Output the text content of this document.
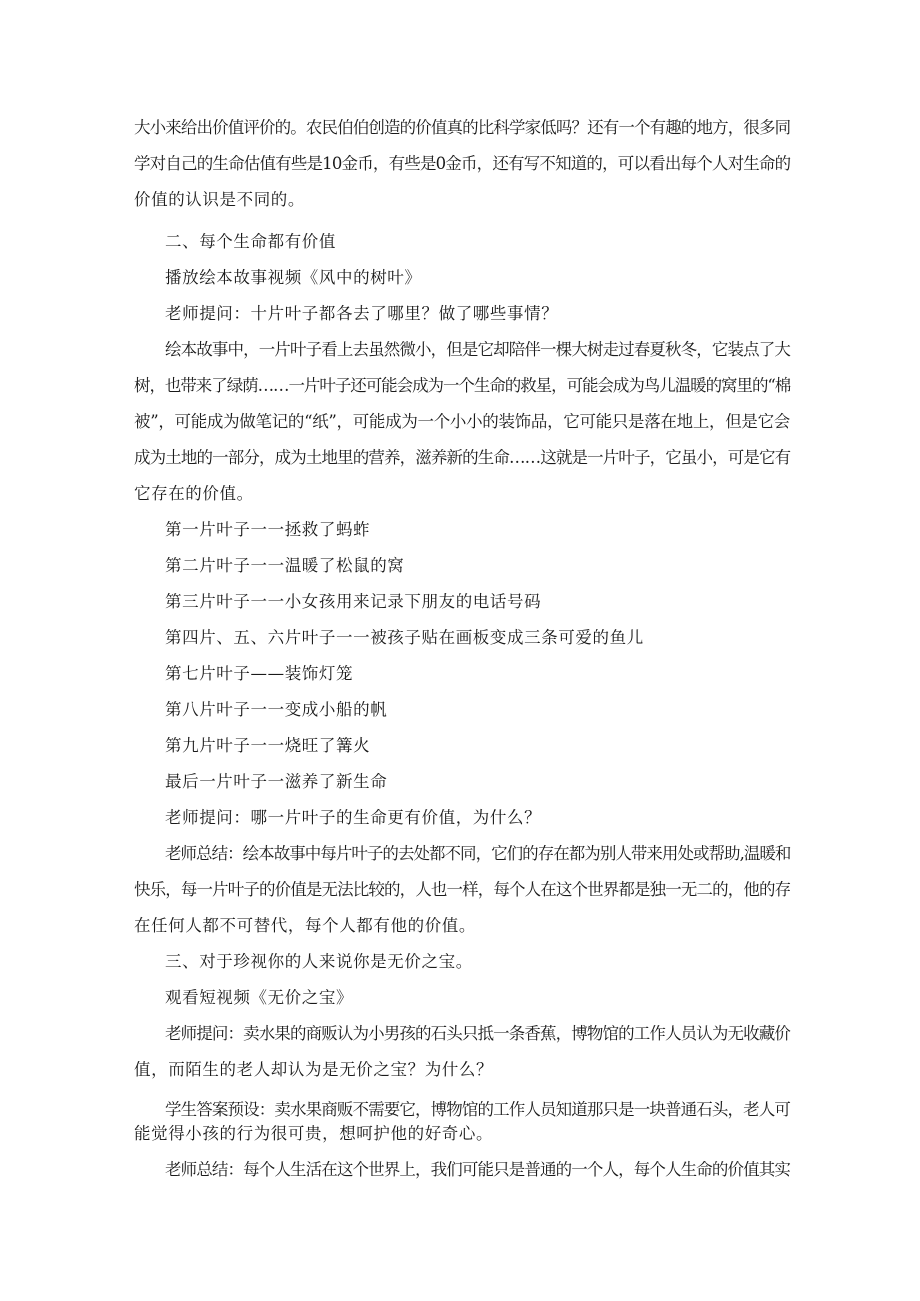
大小来给出价值评价的。农民伯伯创造的价值真的比科学家低吗？还有一个有趣的地方，很多同
学对自己的生命估值有些是10金币，有些是0金币，还有写不知道的，可以看出每个人对生命的
价值的认识是不同的。
二、每个生命都有价值
播放绘本故事视频《风中的树叶》
老师提问：十片叶子都各去了哪里？做了哪些事情？
绘本故事中，一片叶子看上去虽然微小，但是它却陪伴一棵大树走过春夏秋冬，它装点了大
树，也带来了绿荫……一片叶子还可能会成为一个生命的救星，可能会成为鸟儿温暖的窝里的“棉
被”，可能成为做笔记的“纸”，可能成为一个小小的装饰品，它可能只是落在地上，但是它会
成为土地的一部分，成为土地里的营养，滋养新的生命……这就是一片叶子，它虽小，可是它有
它存在的价值。
第一片叶子一一拯救了蚂蚱
第二片叶子一一温暖了松鼠的窝
第三片叶子一一小女孩用来记录下朋友的电话号码
第四片、五、六片叶子一一被孩子贴在画板变成三条可爱的鱼儿
第七片叶子——装饰灯笼
第八片叶子一一变成小船的帆
第九片叶子一一烧旺了篝火
最后一片叶子一滋养了新生命
老师提问：哪一片叶子的生命更有价值，为什么？
老师总结：绘本故事中每片叶子的去处都不同，它们的存在都为别人带来用处或帮助,温暖和
快乐，每一片叶子的价值是无法比较的，人也一样，每个人在这个世界都是独一无二的，他的存
在任何人都不可替代，每个人都有他的价值。
三、对于珍视你的人来说你是无价之宝。
观看短视频《无价之宝》
老师提问：卖水果的商贩认为小男孩的石头只抵一条香蕉，博物馆的工作人员认为无收藏价
值，而陌生的老人却认为是无价之宝？为什么？
学生答案预设：卖水果商贩不需要它，博物馆的工作人员知道那只是一块普通石头，老人可
能觉得小孩的行为很可贵，想呵护他的好奇心。
老师总结：每个人生活在这个世界上，我们可能只是普通的一个人，每个人生命的价值其实
